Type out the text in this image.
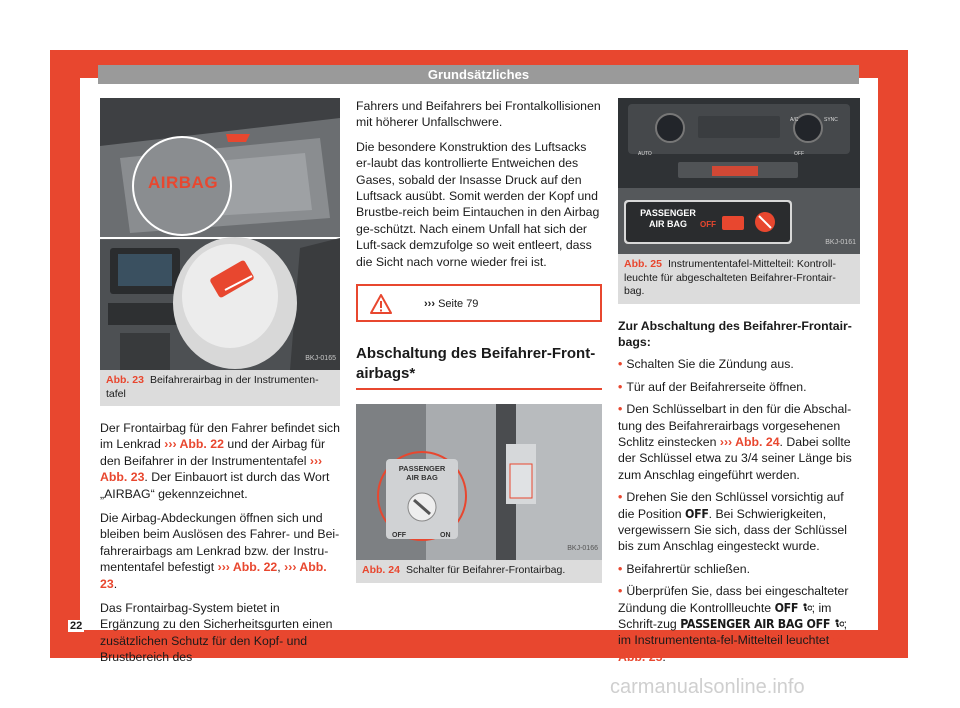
Grundsätzliches
AIRBAG
BKJ-0165
Abb. 23 Beifahrerairbag in der Instrumenten-tafel

Der Frontairbag für den Fahrer befindet sich im Lenkrad ››› Abb. 22 und der Airbag für den Beifahrer in der Instrumententafel ››› Abb. 23. Der Einbauort ist durch das Wort „AIRBAG“ gekennzeichnet.

Die Airbag-Abdeckungen öffnen sich und bleiben beim Auslösen des Fahrer- und Bei-fahrerairbags am Lenkrad bzw. der Instru-mententafel befestigt ››› Abb. 22, ››› Abb. 23.

Das Frontairbag-System bietet in Ergänzung zu den Sicherheitsgurten einen zusätzlichen Schutz für den Kopf- und Brustbereich des

Fahrers und Beifahrers bei Frontalkollisionen mit höherer Unfallschwere.

Die besondere Konstruktion des Luftsacks er-laubt das kontrollierte Entweichen des Gases, sobald der Insasse Druck auf den Luftsack ausübt. Somit werden der Kopf und Brustbe-reich beim Eintauchen in den Airbag ge-schützt. Nach einem Unfall hat sich der Luft-sack demzufolge so weit entleert, dass die Sicht nach vorne wieder frei ist.

››› Seite 79
Abschaltung des Beifahrer-Front-airbags*
PASSENGER
AIR BAG
OFF	ON
BKJ-0166
Abb. 24 Schalter für Beifahrer-Frontairbag.
AUTO
A/C	SYNC
OFF
PASSENGER
AIR BAG	OFF
BKJ-0161
Abb. 25 Instrumententafel-Mittelteil: Kontroll-leuchte für abgeschalteten Beifahrer-Frontair-bag.
Zur Abschaltung des Beifahrer-Frontair-bags:
• Schalten Sie die Zündung aus.
• Tür auf der Beifahrerseite öffnen.
• Den Schlüsselbart in den für die Abschal-tung des Beifahrerairbags vorgesehenen Schlitz einstecken ››› Abb. 24. Dabei sollte der Schlüssel etwa zu 3/4 seiner Länge bis zum Anschlag eingeführt werden.
• Drehen Sie den Schlüssel vorsichtig auf die Position OFF. Bei Schwierigkeiten, vergewissern Sie sich, dass der Schlüssel bis zum Anschlag eingesteckt wurde.
• Beifahrertür schließen.
• Überprüfen Sie, dass bei eingeschalteter Zündung die Kontrollleuchte OFF ; im Schrift-zug PASSENGER AIR BAG OFF ; im Instrumententa-fel-Mittelteil leuchtet ››› Abb. 25.
22
carmanualsonline.info
